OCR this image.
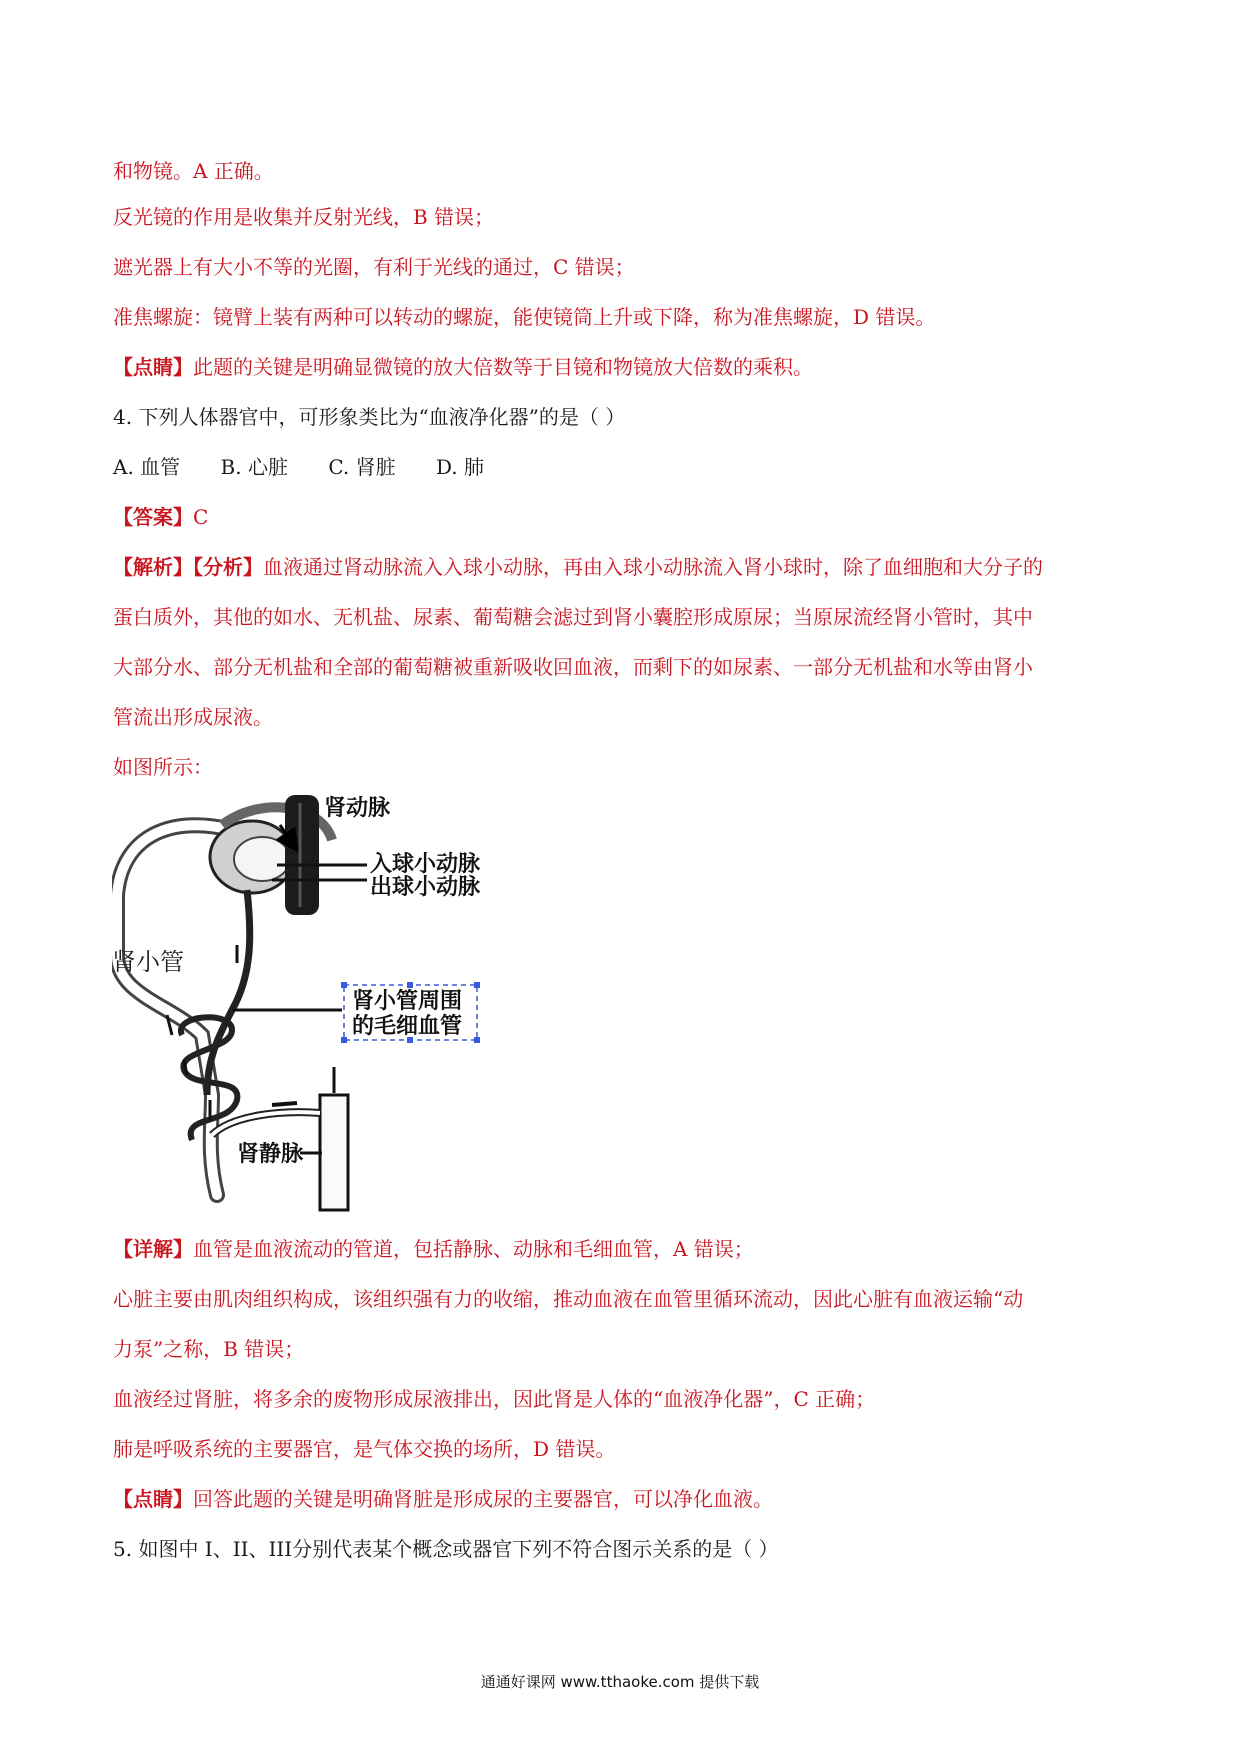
和物镜。A 正确。
反光镜的作用是收集并反射光线，B 错误；
遮光器上有大小不等的光圈，有利于光线的通过，C 错误；
准焦螺旋：镜臂上装有两种可以转动的螺旋，能使镜筒上升或下降，称为准焦螺旋，D 错误。
【点睛】此题的关键是明确显微镜的放大倍数等于目镜和物镜放大倍数的乘积。
4. 下列人体器官中，可形象类比为“血液净化器”的是（ ）
A. 血管 B. 心脏 C. 肾脏 D. 肺
【答案】C
【解析】【分析】血液通过肾动脉流入入球小动脉，再由入球小动脉流入肾小球时，除了血细胞和大分子的
蛋白质外，其他的如水、无机盐、尿素、葡萄糖会滤过到肾小囊腔形成原尿；当原尿流经肾小管时，其中
大部分水、部分无机盐和全部的葡萄糖被重新吸收回血液，而剩下的如尿素、一部分无机盐和水等由肾小
管流出形成尿液。
如图所示：
肾动脉
入球小动脉
出球小动脉
肾小管
肾小管周围
的毛细血管
肾静脉
【详解】血管是血液流动的管道，包括静脉、动脉和毛细血管，A 错误；
心脏主要由肌肉组织构成，该组织强有力的收缩，推动血液在血管里循环流动，因此心脏有血液运输“动
力泵”之称，B 错误；
血液经过肾脏，将多余的废物形成尿液排出，因此肾是人体的“血液净化器”，C 正确；
肺是呼吸系统的主要器官，是气体交换的场所，D 错误。
【点睛】回答此题的关键是明确肾脏是形成尿的主要器官，可以净化血液。
5. 如图中 I、II、III分别代表某个概念或器官下列不符合图示关系的是（ ）
通通好课网 www.tthaoke.com 提供下载
